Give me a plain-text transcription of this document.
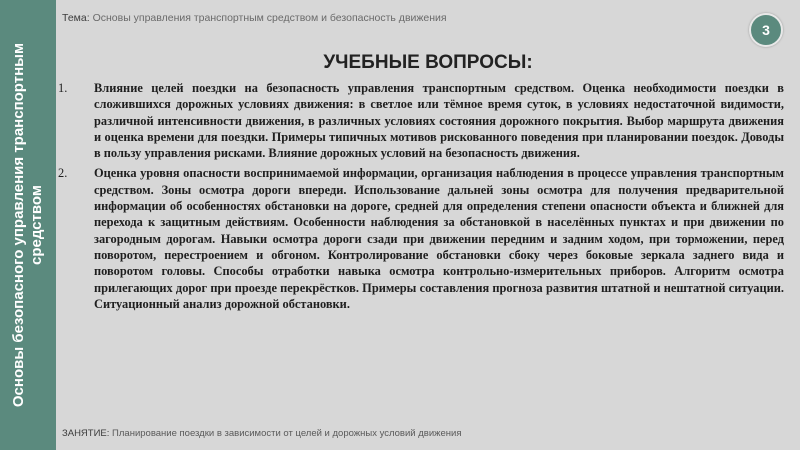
Основы безопасного управления транспортным средством
Тема: Основы управления транспортным средством и безопасность движения
3
УЧЕБНЫЕ ВОПРОСЫ:
1.	Влияние целей поездки на безопасность управления транспортным средством. Оценка необходимости поездки в сложившихся дорожных условиях движения: в светлое или тёмное время суток, в условиях недостаточной видимости, различной интенсивности движения, в различных условиях состояния дорожного покрытия. Выбор маршрута движения и оценка времени для поездки. Примеры типичных мотивов рискованного поведения при планировании поездок. Доводы в пользу управления рисками. Влияние дорожных условий на безопасность движения.
2.	Оценка уровня опасности воспринимаемой информации, организация наблюдения в процессе управления транспортным средством. Зоны осмотра дороги впереди. Использование дальней зоны осмотра для получения предварительной информации об особенностях обстановки на дороге, средней для определения степени опасности объекта и ближней для перехода к защитным действиям. Особенности наблюдения за обстановкой в населённых пунктах и при движении по загородным дорогам. Навыки осмотра дороги сзади при движении передним и задним ходом, при торможении, перед поворотом, перестроением и обгоном. Контролирование обстановки сбоку через боковые зеркала заднего вида и поворотом головы. Способы отработки навыка осмотра контрольно-измерительных приборов. Алгоритм осмотра прилегающих дорог при проезде перекрёстков. Примеры составления прогноза развития штатной и нештатной ситуации. Ситуационный анализ дорожной обстановки.
ЗАНЯТИЕ: Планирование поездки в зависимости от целей и дорожных условий движения
